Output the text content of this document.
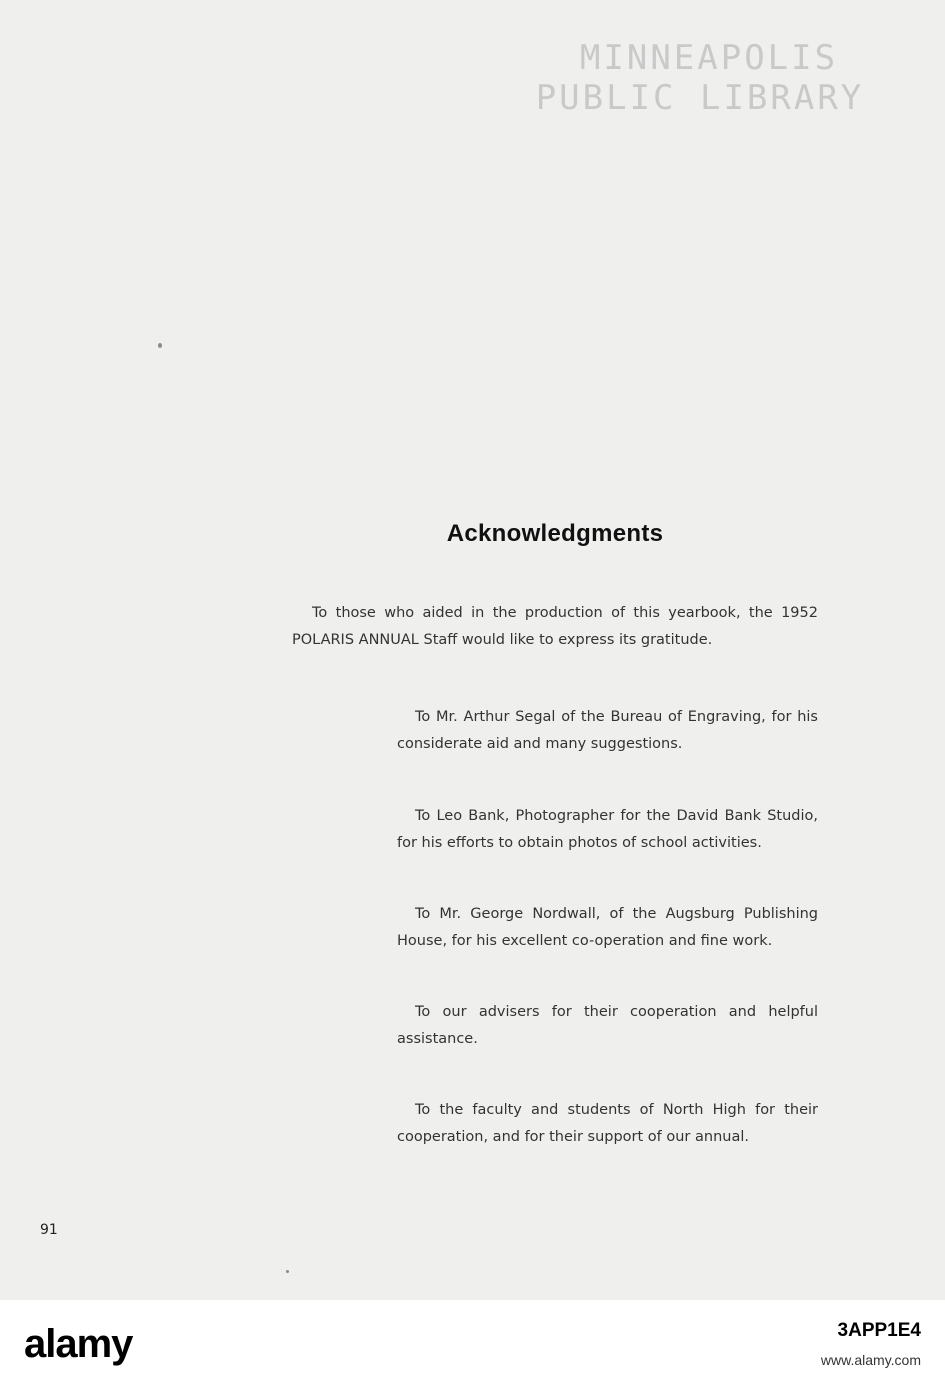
MINNEAPOLIS
PUBLIC LIBRARY
Acknowledgments
To those who aided in the production of this yearbook, the 1952 POLARIS ANNUAL Staff would like to express its gratitude.
To Mr. Arthur Segal of the Bureau of Engraving, for his considerate aid and many suggestions.
To Leo Bank, Photographer for the David Bank Studio, for his efforts to obtain photos of school activities.
To Mr. George Nordwall, of the Augsburg Publishing House, for his excellent co-operation and fine work.
To our advisers for their cooperation and helpful assistance.
To the faculty and students of North High for their cooperation, and for their support of our annual.
91
alamy	3APP1E4
www.alamy.com
